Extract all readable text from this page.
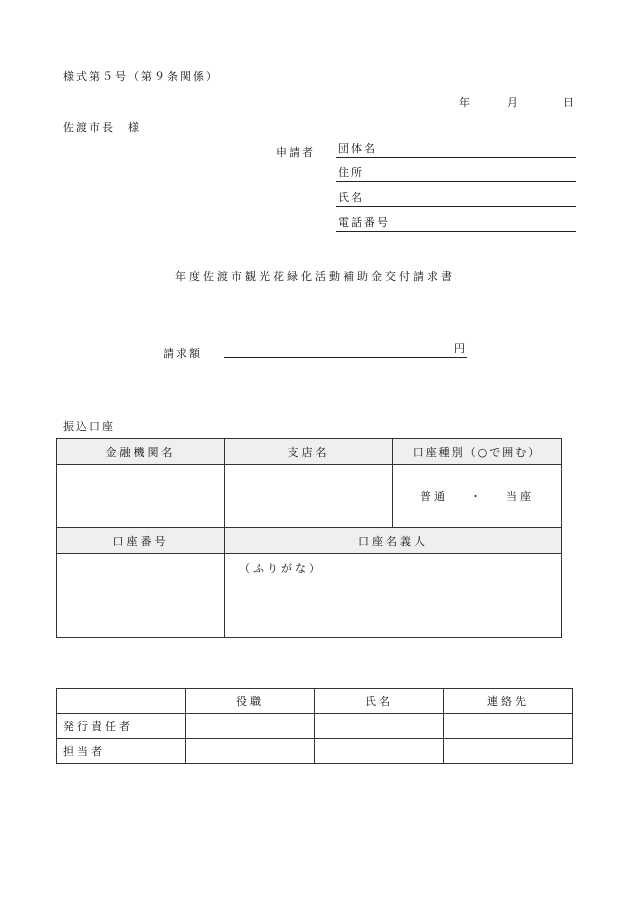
様式第５号（第９条関係）
年	月	日
佐渡市長　様
申請者 団体名
住所
氏名
電話番号
年度佐渡市観光花緑化活動補助金交付請求書
請求額	円
振込口座
金融機関名	支店名	口座種別（○で囲む）
		普通 ・ 当座
口座番号	口座名義人	

	（ふりがな）	
	役職	氏名	連絡先
発行責任者			
担当者			
